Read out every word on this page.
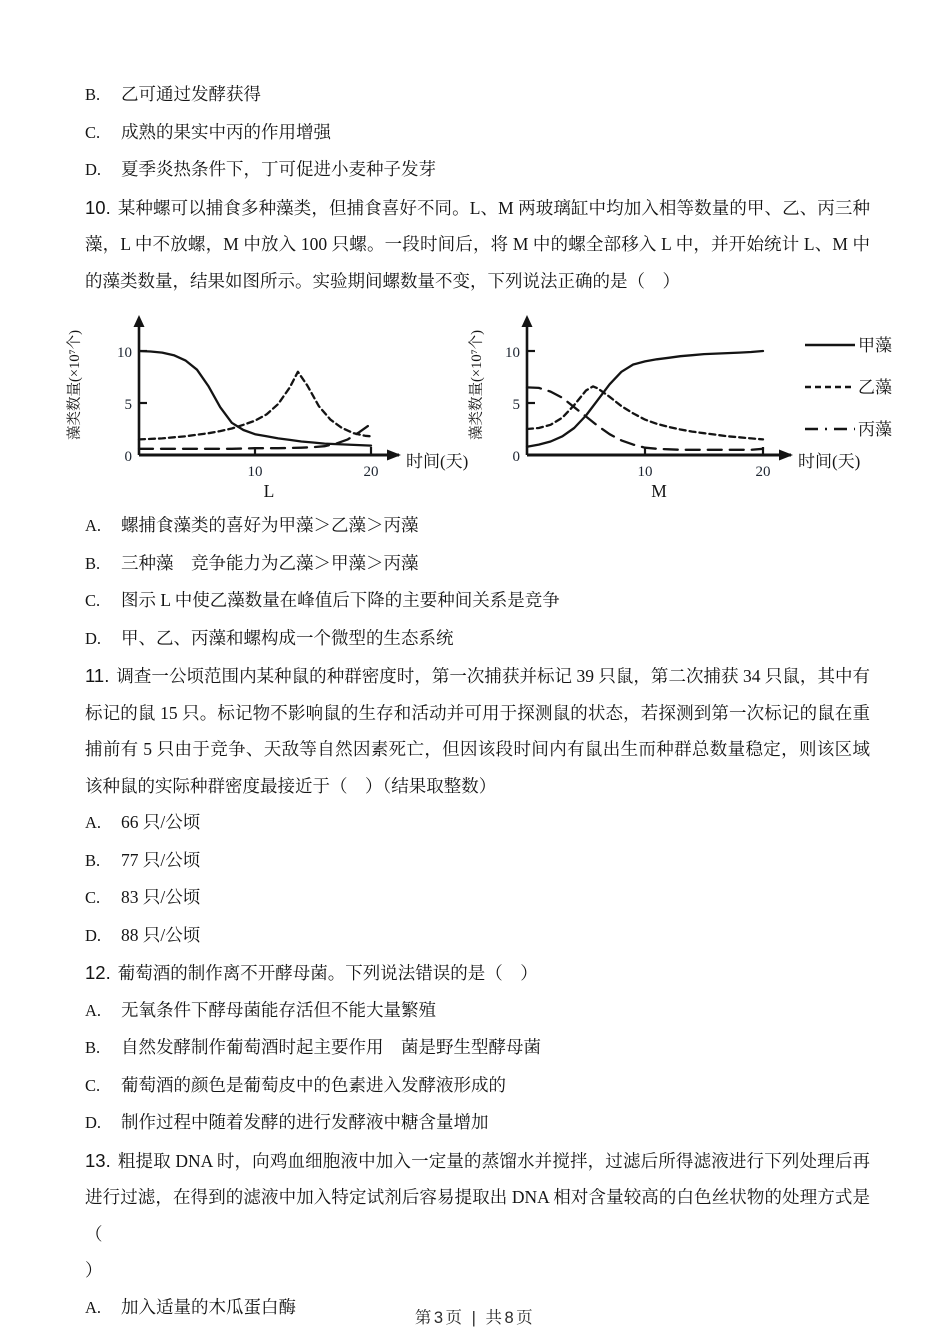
B.	乙可通过发酵获得
C.	成熟的果实中丙的作用增强
D.	夏季炎热条件下，丁可促进小麦种子发芽

10. 某种螺可以捕食多种藻类，但捕食喜好不同。L、M 两玻璃缸中均加入相等数量的甲、乙、丙三种藻，L 中不放螺，M 中放入 100 只螺。一段时间后，将 M 中的螺全部移入 L 中，并开始统计 L、M 中的藻类数量，结果如图所示。实验期间螺数量不变，下列说法正确的是（　）

0
5
10
10	20
时间(天)
L
藻类数量(×10⁷个)
0
5
10
10	20
时间(天)
M
藻类数量(×10⁷个)	甲藻
乙藻
丙藻
A.	螺捕食藻类的喜好为甲藻＞乙藻＞丙藻
B.	三种藻　竞争能力为乙藻＞甲藻＞丙藻
C.	图示 L 中使乙藻数量在峰值后下降的主要种间关系是竞争
D.	甲、乙、丙藻和螺构成一个微型的生态系统

11. 调查一公顷范围内某种鼠的种群密度时，第一次捕获并标记 39 只鼠，第二次捕获 34 只鼠，其中有标记的鼠 15 只。标记物不影响鼠的生存和活动并可用于探测鼠的状态，若探测到第一次标记的鼠在重捕前有 5 只由于竞争、天敌等自然因素死亡，但因该段时间内有鼠出生而种群总数量稳定，则该区域该种鼠的实际种群密度最接近于（　）（结果取整数）

A.	66 只/公顷
B.	77 只/公顷
C.	83 只/公顷
D.	88 只/公顷

12. 葡萄酒的制作离不开酵母菌。下列说法错误的是（　）

A.	无氧条件下酵母菌能存活但不能大量繁殖
B.	自然发酵制作葡萄酒时起主要作用　菌是野生型酵母菌
C.	葡萄酒的颜色是葡萄皮中的色素进入发酵液形成的
D.	制作过程中随着发酵的进行发酵液中糖含量增加

13. 粗提取 DNA 时，向鸡血细胞液中加入一定量的蒸馏水并搅拌，过滤后所得滤液进行下列处理后再进行过滤，在得到的滤液中加入特定试剂后容易提取出 DNA 相对含量较高的白色丝状物的处理方式是（

）
A.	加入适量的木瓜蛋白酶
第3页 | 共8页
